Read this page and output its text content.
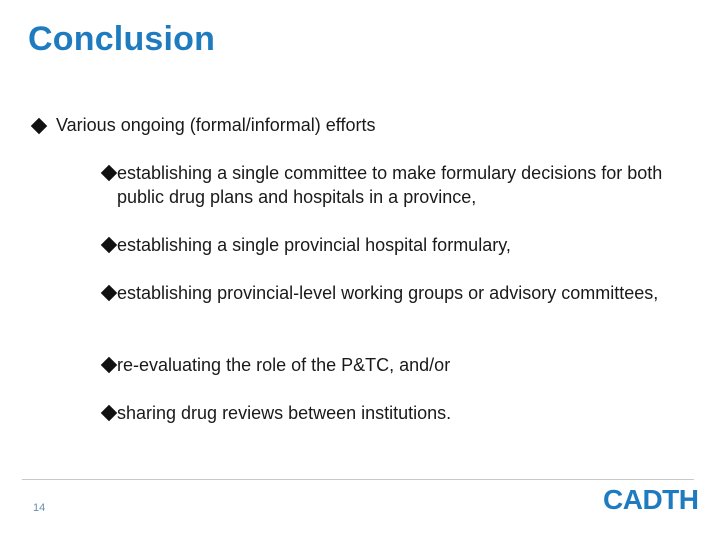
Conclusion
Various ongoing (formal/informal) efforts
establishing a single committee to make formulary decisions for both public drug plans and hospitals in a province,
establishing a single provincial hospital formulary,
establishing provincial-level working groups or advisory committees,
re-evaluating the role of the P&TC, and/or
sharing drug reviews between institutions.
14	CADTH
